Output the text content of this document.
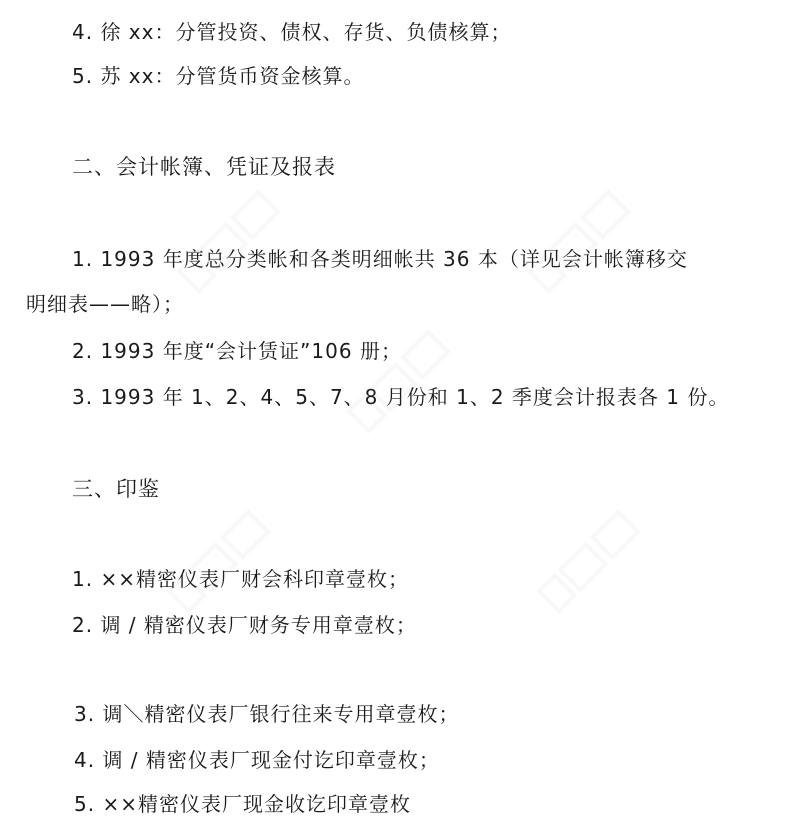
4. 徐 xx：分管投资、债权、存货、负债核算；
5. 苏 xx：分管货币资金核算。
二、会计帐簿、凭证及报表
1. 1993 年度总分类帐和各类明细帐共 36 本（详见会计帐簿移交
明细表——略）；
2. 1993 年度“会计赁证”106 册；
3. 1993 年 1、2、4、5、7、8 月份和 1、2 季度会计报表各 1 份。
三、印鉴
1. ××精密仪表厂财会科印章壹枚；
2. 调 / 精密仪表厂财务专用章壹枚；
3. 调＼精密仪表厂银行往来专用章壹枚；
4. 调 / 精密仪表厂现金付讫印章壹枚；
5. ××精密仪表厂现金收讫印章壹枚
